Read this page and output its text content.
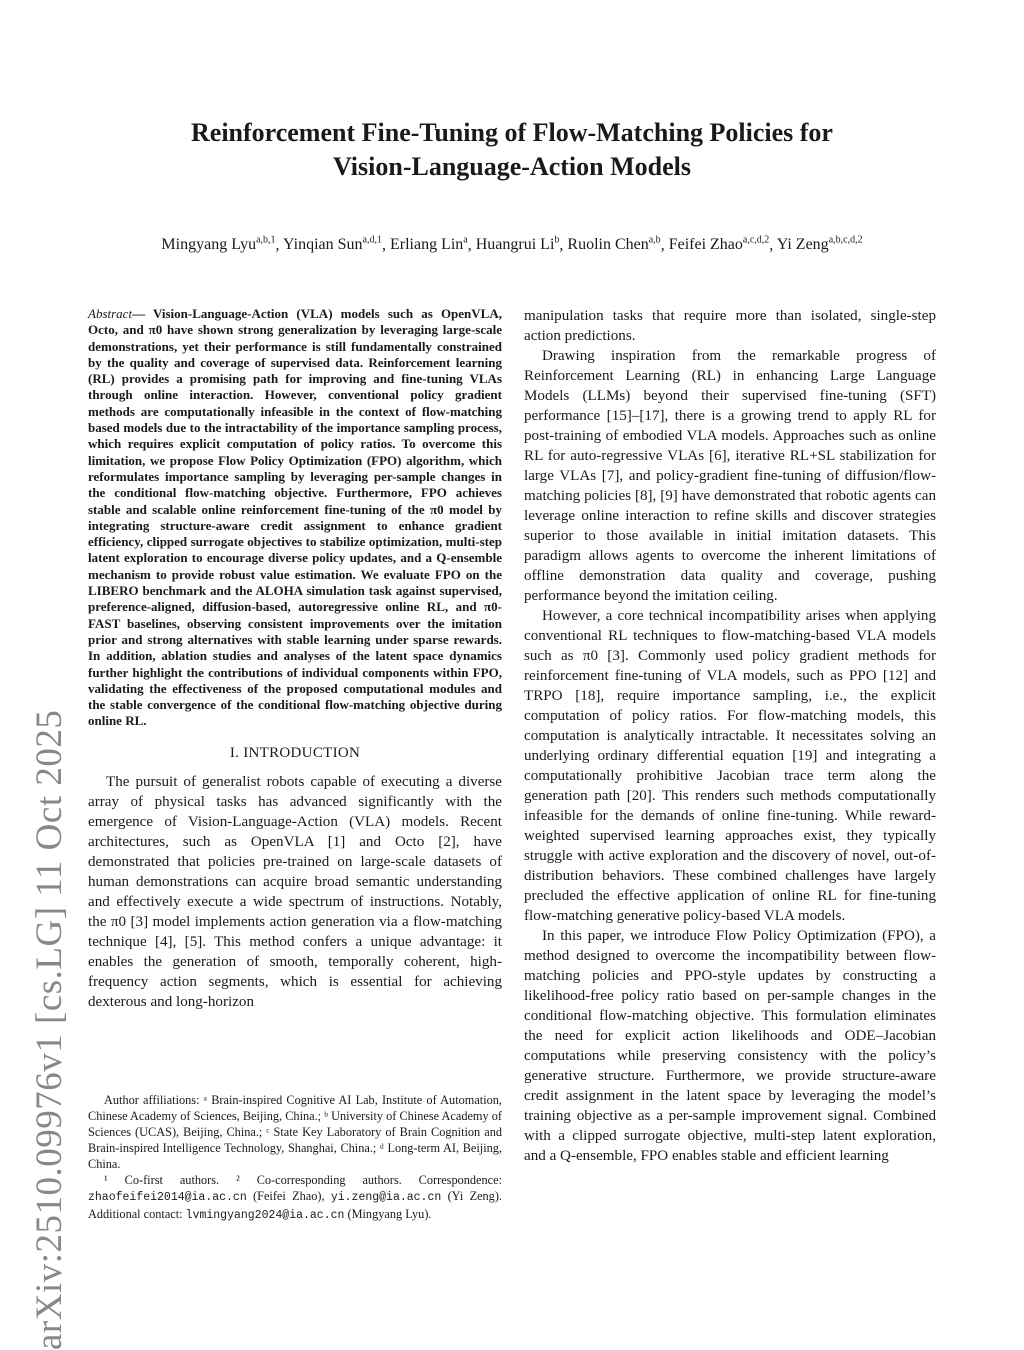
Reinforcement Fine-Tuning of Flow-Matching Policies for
Vision-Language-Action Models
Mingyang Lyu$^{a,b,1}$, Yinqian Sun$^{a,d,1}$, Erliang Lin$^a$, Huangrui Li$^b$, Ruolin Chen$^{a,b}$, Feifei Zhao$^{a,c,d,2}$, Yi Zeng$^{a,b,c,d,2}$
arXiv:2510.09976v1 [cs.LG] 11 Oct 2025

Abstract— Vision-Language-Action (VLA) models such as OpenVLA, Octo, and π0 have shown strong generalization by leveraging large-scale demonstrations, yet their performance is still fundamentally constrained by the quality and coverage of supervised data. Reinforcement learning (RL) provides a promising path for improving and fine-tuning VLAs through online interaction. However, conventional policy gradient methods are computationally infeasible in the context of flow-matching based models due to the intractability of the importance sampling process, which requires explicit computation of policy ratios. To overcome this limitation, we propose Flow Policy Optimization (FPO) algorithm, which reformulates importance sampling by leveraging per-sample changes in the conditional flow-matching objective. Furthermore, FPO achieves stable and scalable online reinforcement fine-tuning of the π0 model by integrating structure-aware credit assignment to enhance gradient efficiency, clipped surrogate objectives to stabilize optimization, multi-step latent exploration to encourage diverse policy updates, and a Q-ensemble mechanism to provide robust value estimation. We evaluate FPO on the LIBERO benchmark and the ALOHA simulation task against supervised, preference-aligned, diffusion-based, autoregressive online RL, and π0-FAST baselines, observing consistent improvements over the imitation prior and strong alternatives with stable learning under sparse rewards. In addition, ablation studies and analyses of the latent space dynamics further highlight the contributions of individual components within FPO, validating the effectiveness of the proposed computational modules and the stable convergence of the conditional flow-matching objective during online RL.

I. INTRODUCTION

The pursuit of generalist robots capable of executing a diverse array of physical tasks has advanced significantly with the emergence of Vision-Language-Action (VLA) models. Recent architectures, such as OpenVLA [1] and Octo [2], have demonstrated that policies pre-trained on large-scale datasets of human demonstrations can acquire broad semantic understanding and effectively execute a wide spectrum of instructions. Notably, the π0 [3] model implements action generation via a flow-matching technique [4], [5]. This method confers a unique advantage: it enables the generation of smooth, temporally coherent, high-frequency action segments, which is essential for achieving dexterous and long-horizon

manipulation tasks that require more than isolated, single-step action predictions.

Drawing inspiration from the remarkable progress of Reinforcement Learning (RL) in enhancing Large Language Models (LLMs) beyond their supervised fine-tuning (SFT) performance [15]–[17], there is a growing trend to apply RL for post-training of embodied VLA models. Approaches such as online RL for auto-regressive VLAs [6], iterative RL+SL stabilization for large VLAs [7], and policy-gradient fine-tuning of diffusion/flow-matching policies [8], [9] have demonstrated that robotic agents can leverage online interaction to refine skills and discover strategies superior to those available in initial imitation datasets. This paradigm allows agents to overcome the inherent limitations of offline demonstration data quality and coverage, pushing performance beyond the imitation ceiling.

However, a core technical incompatibility arises when applying conventional RL techniques to flow-matching-based VLA models such as π0 [3]. Commonly used policy gradient methods for reinforcement fine-tuning of VLA models, such as PPO [12] and TRPO [18], require importance sampling, i.e., the explicit computation of policy ratios. For flow-matching models, this computation is analytically intractable. It necessitates solving an underlying ordinary differential equation [19] and integrating a computationally prohibitive Jacobian trace term along the generation path [20]. This renders such methods computationally infeasible for the demands of online fine-tuning. While reward-weighted supervised learning approaches exist, they typically struggle with active exploration and the discovery of novel, out-of-distribution behaviors. These combined challenges have largely precluded the effective application of online RL for fine-tuning flow-matching generative policy-based VLA models.

In this paper, we introduce Flow Policy Optimization (FPO), a method designed to overcome the incompatibility between flow-matching policies and PPO-style updates by constructing a likelihood-free policy ratio based on per-sample changes in the conditional flow-matching objective. This formulation eliminates the need for explicit action likelihoods and ODE–Jacobian computations while preserving consistency with the policy’s generative structure. Furthermore, we provide structure-aware credit assignment in the latent space by leveraging the model’s training objective as a per-sample improvement signal. Combined with a clipped surrogate objective, multi-step latent exploration, and a Q-ensemble, FPO enables stable and efficient learning

Author affiliations: ᵃ Brain-inspired Cognitive AI Lab, Institute of Automation, Chinese Academy of Sciences, Beijing, China.; ᵇ University of Chinese Academy of Sciences (UCAS), Beijing, China.; ᶜ State Key Laboratory of Brain Cognition and Brain-inspired Intelligence Technology, Shanghai, China.; ᵈ Long-term AI, Beijing, China.

¹ Co-first authors. ² Co-corresponding authors. Correspondence: zhaofeifei2014@ia.ac.cn (Feifei Zhao), yi.zeng@ia.ac.cn (Yi Zeng). Additional contact: lvmingyang2024@ia.ac.cn (Mingyang Lyu).
